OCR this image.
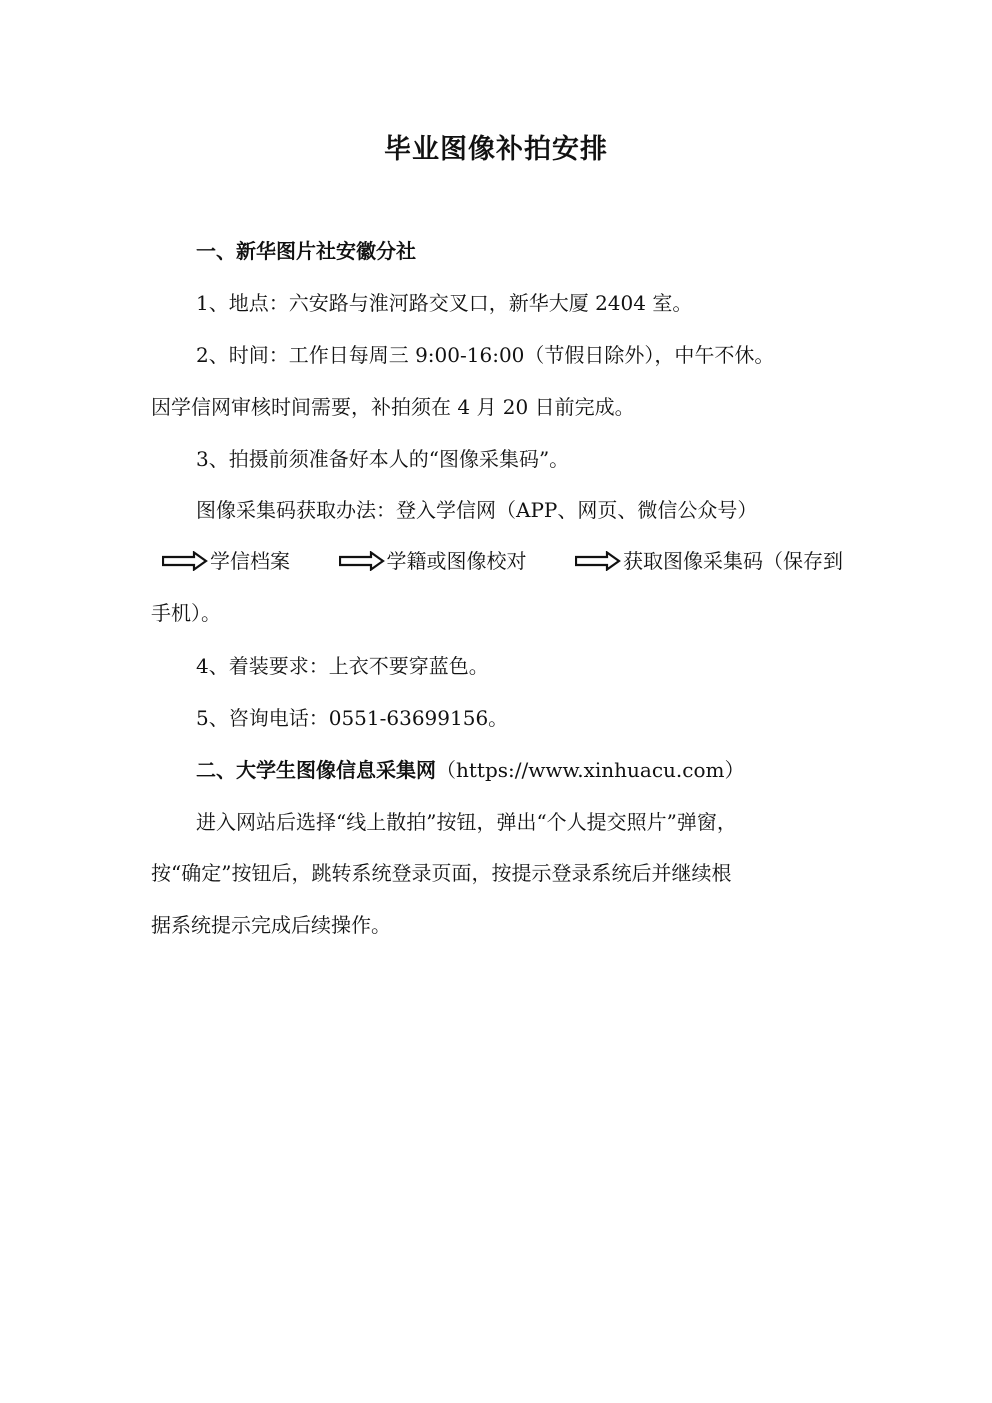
毕业图像补拍安排
一、新华图片社安徽分社
1、地点：六安路与淮河路交叉口，新华大厦 2404 室。
2、时间：工作日每周三 9:00-16:00（节假日除外），中午不休。
因学信网审核时间需要，补拍须在 4 月 20 日前完成。
3、拍摄前须准备好本人的“图像采集码”。
图像采集码获取办法：登入学信网（APP、网页、微信公众号）
学信档案	学籍或图像校对	获取图像采集码（保存到
手机）。
4、着装要求：上衣不要穿蓝色。
5、咨询电话：0551-63699156。
二、大学生图像信息采集网（https://www.xinhuacu.com）
进入网站后选择“线上散拍”按钮，弹出“个人提交照片”弹窗，
按“确定”按钮后，跳转系统登录页面，按提示登录系统后并继续根
据系统提示完成后续操作。
